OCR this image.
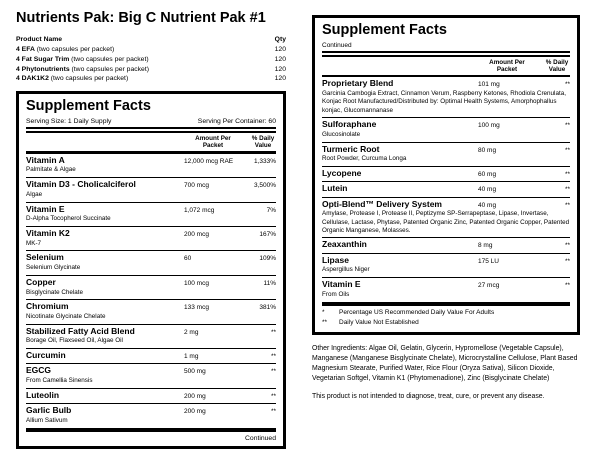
Nutrients Pak: Big C Nutrient Pak #1
Product Name	Qty
4 EFA (two capsules per packet)	120
4 Fat Sugar Trim (two capsules per packet)	120
4 Phytonutrients (two capsules per packet)	120
4 DAK1K2 (two capsules per packet)	120
Supplement Facts
Serving Size: 1 Daily Supply	Serving Per Container: 60
Amount Per Packet
% Daily Value
Vitamin A	12,000 mcg RAE	1,333%
Palmitate & Algae
Vitamin D3 - Cholicalciferol	700 mcg	3,500%
Algae
Vitamin E	1,072 mcg	7%
D-Alpha Tocopherol Succinate
Vitamin K2	200 mcg	167%
MK-7
Selenium	60	109%
Selenium Glycinate
Copper	100 mcg	11%
Bisglycinate Chelate
Chromium	133 mcg	381%
Nicotinate Glycinate Chelate
Stabilized Fatty Acid Blend	2 mg	**
Borage Oil, Flaxseed Oil, Algae Oil
Curcumin	1 mg	**
EGCG	500 mg	**
From Camellia Sinensis
Luteolin	200 mg	**
Garlic Bulb	200 mg	**
Allium Sativum
Continued
Supplement Facts
Continued
Amount Per Packet
% Daily Value
Proprietary Blend	101 mg	**
Garcinia Cambogia Extract, Cinnamon Verum, Raspberry Ketones, Rhodiola Crenulata, Konjac Root Manufactured/Distributed by: Optimal Health Systems, Amorphophallus konjac, Glucomannanase
Sulforaphane	100 mg	**
Glucosinolate
Turmeric Root	80 mg	**
Root Powder, Curcuma Longa
Lycopene	60 mg	**
Lutein	40 mg	**
Opti-Blend™ Delivery System	40 mg	**
Amylase, Protease I, Protease II, Peptizyme SP-Serrapeptase, Lipase, Invertase, Cellulase, Lactase, Phytase, Patented Organic Zinc, Patented Organic Copper, Patented Organic Manganese, Molasses.
Zeaxanthin	8 mg	**
Lipase	175 LU	**
Aspergillus Niger
Vitamin E	27 mcg	**
From Oils
*	Percentage US Recommended Daily Value For Adults
**	Daily Value Not Established

Other Ingredients: Algae Oil, Gelatin, Glycerin, Hypromellose (Vegetable Capsule), Manganese (Manganese Bisglycinate Chelate), Microcrystalline Cellulose, Plant Based Magnesium Stearate, Purified Water, Rice Flour (Oryza Sativa), Silicon Dioxide, Vegetarian Softgel, Vitamin K1 (Phytomenadione), Zinc (Bisglycinate Chelate)

This product is not intended to diagnose, treat, cure, or prevent any disease.
